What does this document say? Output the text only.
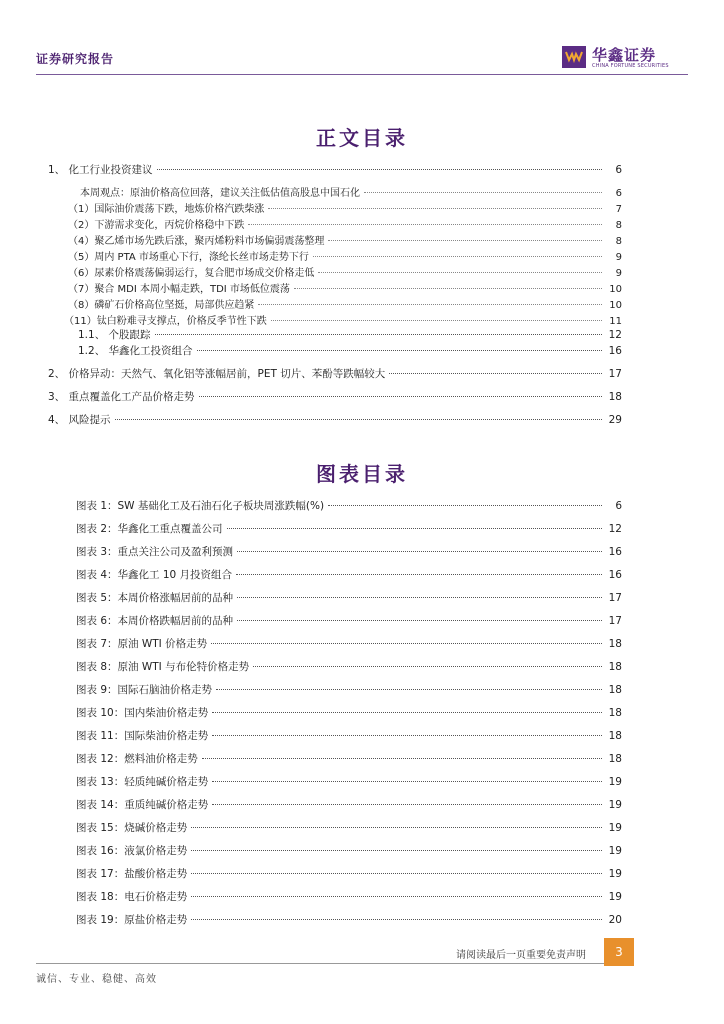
证券研究报告	华鑫证券
CHINA FORTUNE SECURITIES
正文目录
1、 化工行业投资建议	6
本周观点：原油价格高位回落，建议关注低估值高股息中国石化	6
（1）国际油价震荡下跌，地炼价格汽跌柴涨	7
（2）下游需求变化，丙烷价格稳中下跌	8
（4）聚乙烯市场先跌后涨，聚丙烯粉料市场偏弱震荡整理	8
（5）周内 PTA 市场重心下行，涤纶长丝市场走势下行	9
（6）尿素价格震荡偏弱运行，复合肥市场成交价格走低	9
（7）聚合 MDI 本周小幅走跌，TDI 市场低位震荡	10
（8）磷矿石价格高位坚挺，局部供应趋紧	10
（11）钛白粉难寻支撑点，价格反季节性下跌	11
1.1、 个股跟踪	12
1.2、 华鑫化工投资组合	16
2、 价格异动：天然气、氧化铝等涨幅居前，PET 切片、苯酚等跌幅较大	17
3、 重点覆盖化工产品价格走势	18
4、 风险提示	29
图表目录
图表 1：SW 基础化工及石油石化子板块周涨跌幅(%)	6
图表 2：华鑫化工重点覆盖公司	12
图表 3：重点关注公司及盈利预测	16
图表 4：华鑫化工 10 月投资组合	16
图表 5：本周价格涨幅居前的品种	17
图表 6：本周价格跌幅居前的品种	17
图表 7：原油 WTI 价格走势	18
图表 8：原油 WTI 与布伦特价格走势	18
图表 9：国际石脑油价格走势	18
图表 10：国内柴油价格走势	18
图表 11：国际柴油价格走势	18
图表 12：燃料油价格走势	18
图表 13：轻质纯碱价格走势	19
图表 14：重质纯碱价格走势	19
图表 15：烧碱价格走势	19
图表 16：液氯价格走势	19
图表 17：盐酸价格走势	19
图表 18：电石价格走势	19
图表 19：原盐价格走势	20
请阅读最后一页重要免责声明	3
诚信、专业、稳健、高效
